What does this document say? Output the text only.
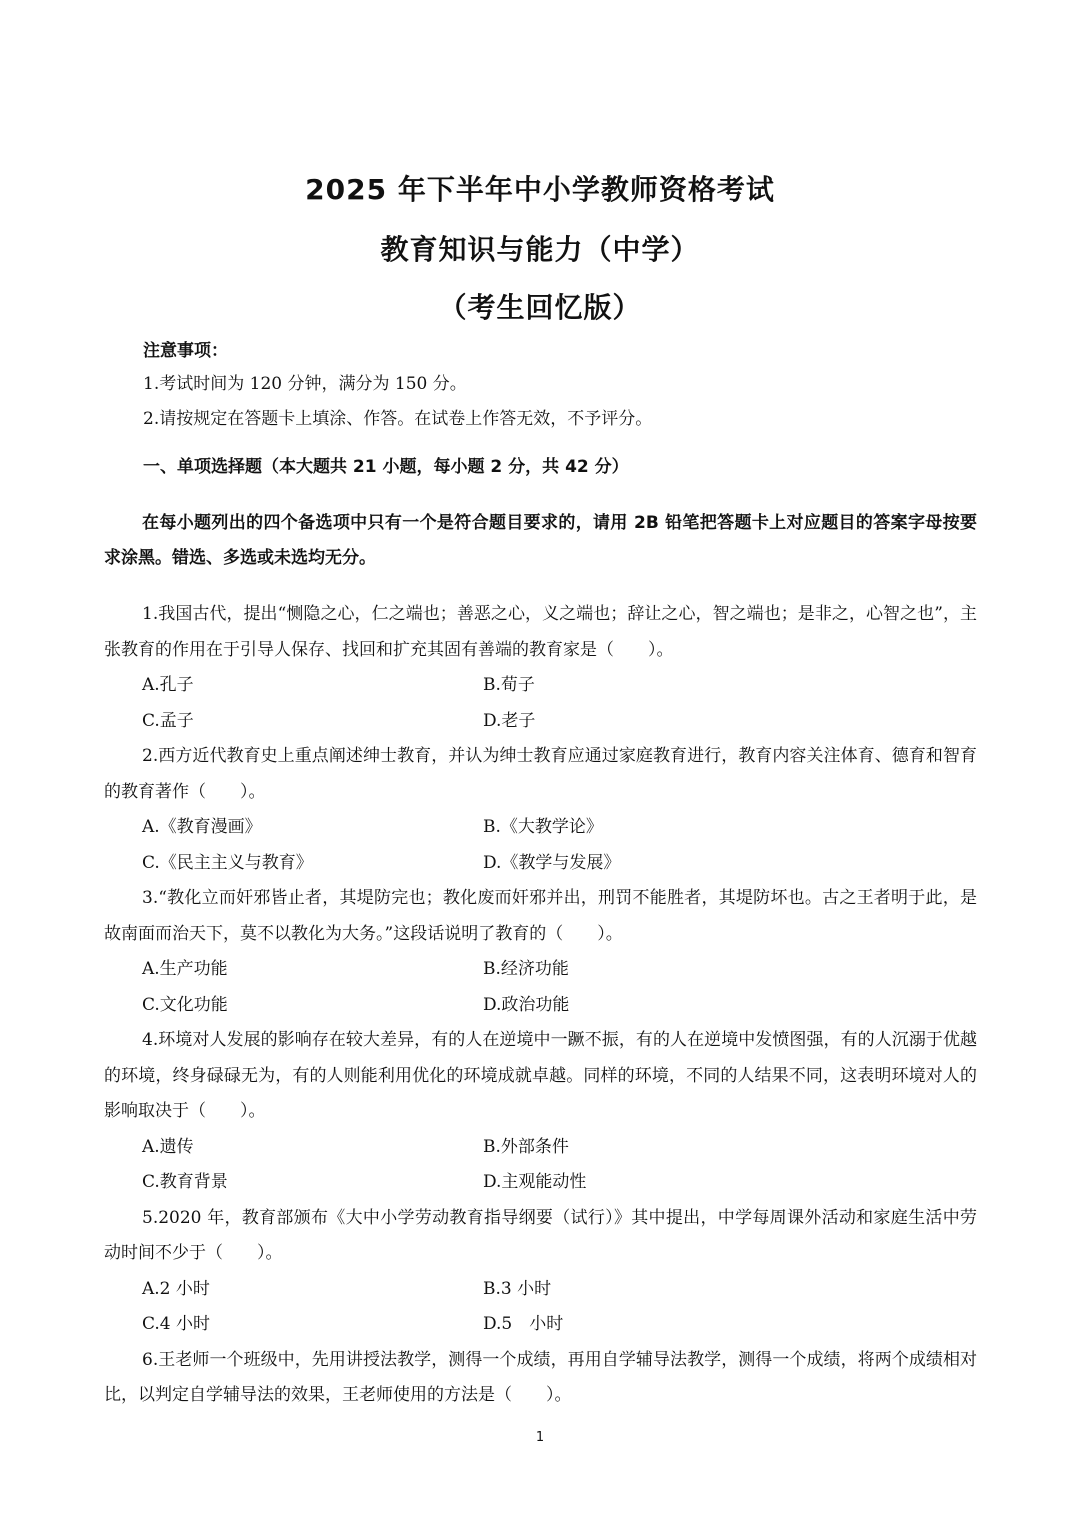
2025 年下半年中小学教师资格考试
教育知识与能力（中学）
（考生回忆版）
注意事项：
1.考试时间为 120 分钟，满分为 150 分。
2.请按规定在答题卡上填涂、作答。在试卷上作答无效，不予评分。
一、单项选择题（本大题共 21 小题，每小题 2 分，共 42 分）
在每小题列出的四个备选项中只有一个是符合题目要求的，请用 2B 铅笔把答题卡上对应题目的答案字母按要求涂黑。错选、多选或未选均无分。

1.我国古代，提出“恻隐之心，仁之端也；善恶之心，义之端也；辞让之心，智之端也；是非之，心智之也”，主张教育的作用在于引导人保存、找回和扩充其固有善端的教育家是（　　）。

A.孔子	B.荀子
C.孟子	D.老子

2.西方近代教育史上重点阐述绅士教育，并认为绅士教育应通过家庭教育进行，教育内容关注体育、德育和智育的教育著作（　　）。

A.《教育漫画》	B.《大教学论》
C.《民主主义与教育》	D.《教学与发展》

3.“教化立而奸邪皆止者，其堤防完也；教化废而奸邪并出，刑罚不能胜者，其堤防坏也。古之王者明于此，是故南面而治天下，莫不以教化为大务。”这段话说明了教育的（　　）。

A.生产功能	B.经济功能
C.文化功能	D.政治功能

4.环境对人发展的影响存在较大差异，有的人在逆境中一蹶不振，有的人在逆境中发愤图强，有的人沉溺于优越的环境，终身碌碌无为，有的人则能利用优化的环境成就卓越。同样的环境，不同的人结果不同，这表明环境对人的影响取决于（　　）。

A.遗传	B.外部条件
C.教育背景	D.主观能动性

5.2020 年，教育部颁布《大中小学劳动教育指导纲要（试行）》其中提出，中学每周课外活动和家庭生活中劳动时间不少于（　　）。

A.2 小时	B.3 小时
C.4 小时	D.5　小时

6.王老师一个班级中，先用讲授法教学，测得一个成绩，再用自学辅导法教学，测得一个成绩，将两个成绩相对比，以判定自学辅导法的效果，王老师使用的方法是（　　）。

1
